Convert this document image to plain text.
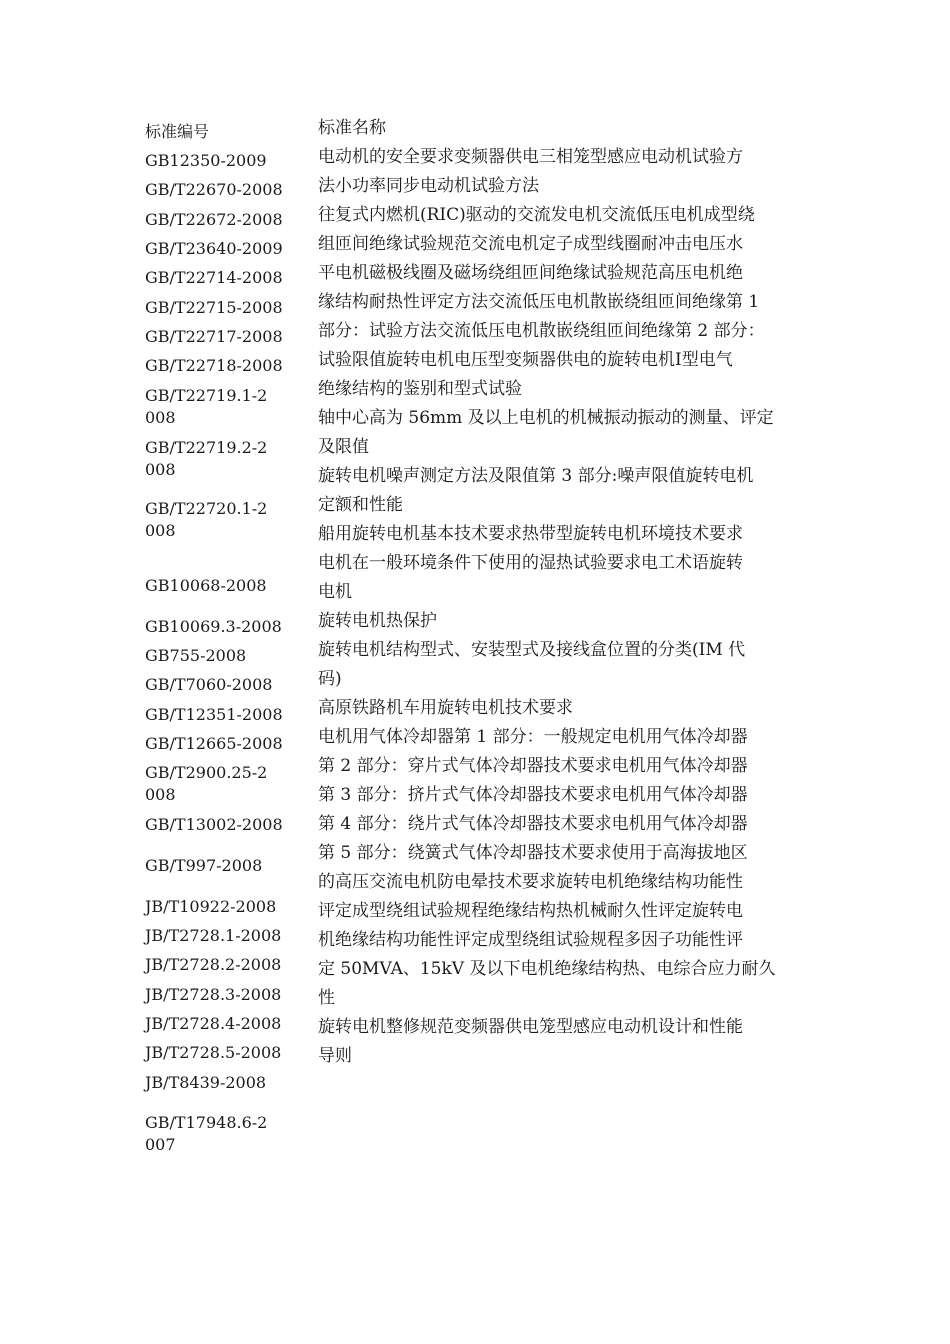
标准编号
GB12350-2009
GB/T22670-2008
GB/T22672-2008
GB/T23640-2009
GB/T22714-2008
GB/T22715-2008
GB/T22717-2008
GB/T22718-2008
GB/T22719.1-2008
GB/T22719.2-2008
GB/T22720.1-2008
GB10068-2008
GB10069.3-2008
GB755-2008
GB/T7060-2008
GB/T12351-2008
GB/T12665-2008
GB/T2900.25-2008
GB/T13002-2008
GB/T997-2008
JB/T10922-2008
JB/T2728.1-2008
JB/T2728.2-2008
JB/T2728.3-2008
JB/T2728.4-2008
JB/T2728.5-2008
JB/T8439-2008
GB/T17948.6-2007
标准名称
电动机的安全要求变频器供电三相笼型感应电动机试验方
法小功率同步电动机试验方法
往复式内燃机(RIC)驱动的交流发电机交流低压电机成型绕
组匝间绝缘试验规范交流电机定子成型线圈耐冲击电压水
平电机磁极线圈及磁场绕组匝间绝缘试验规范高压电机绝
缘结构耐热性评定方法交流低压电机散嵌绕组匝间绝缘第 1
部分：试验方法交流低压电机散嵌绕组匝间绝缘第 2 部分：
试验限值旋转电机电压型变频器供电的旋转电机Ⅰ型电气
绝缘结构的鉴别和型式试验
轴中心高为 56mm 及以上电机的机械振动振动的测量、评定
及限值
旋转电机噪声测定方法及限值第 3 部分:噪声限值旋转电机
定额和性能
船用旋转电机基本技术要求热带型旋转电机环境技术要求
电机在一般环境条件下使用的湿热试验要求电工术语旋转
电机
旋转电机热保护
旋转电机结构型式、安装型式及接线盒位置的分类(IM 代
码)
高原铁路机车用旋转电机技术要求
电机用气体冷却器第 1 部分：一般规定电机用气体冷却器
第 2 部分：穿片式气体冷却器技术要求电机用气体冷却器
第 3 部分：挤片式气体冷却器技术要求电机用气体冷却器
第 4 部分：绕片式气体冷却器技术要求电机用气体冷却器
第 5 部分：绕簧式气体冷却器技术要求使用于高海拔地区
的高压交流电机防电晕技术要求旋转电机绝缘结构功能性
评定成型绕组试验规程绝缘结构热机械耐久性评定旋转电
机绝缘结构功能性评定成型绕组试验规程多因子功能性评
定 50MVA、15kV 及以下电机绝缘结构热、电综合应力耐久
性
旋转电机整修规范变频器供电笼型感应电动机设计和性能
导则
